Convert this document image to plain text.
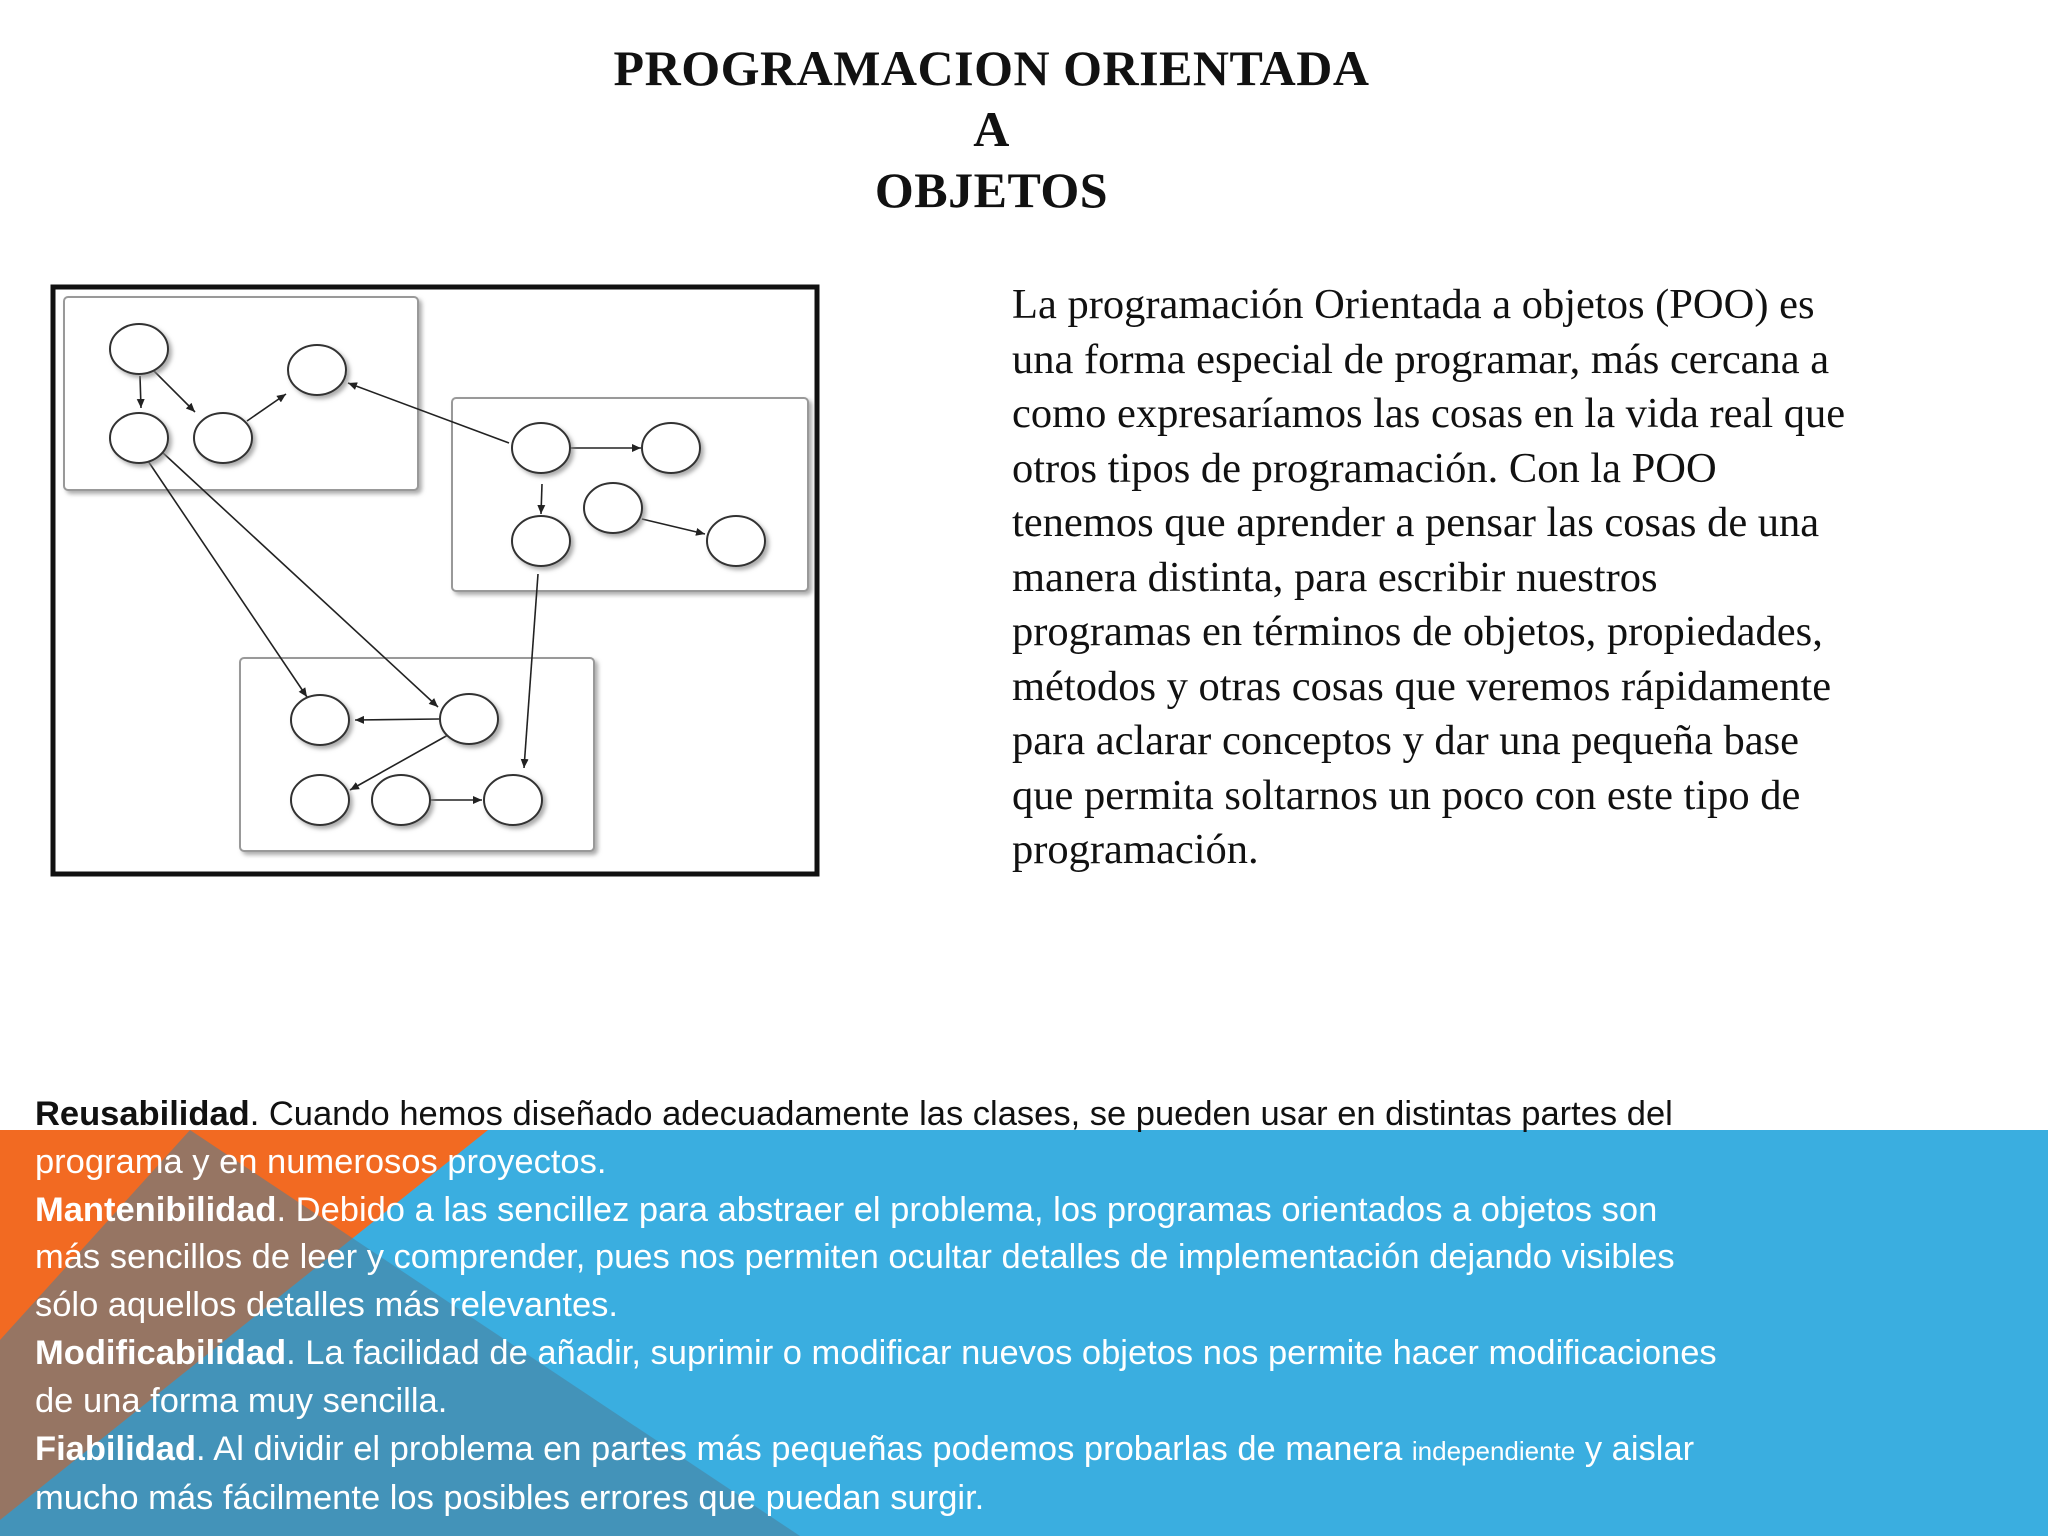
PROGRAMACION ORIENTADA
A
OBJETOS
La programación Orientada a objetos (POO) es
una forma especial de programar, más cercana a
como expresaríamos las cosas en la vida real que
otros tipos de programación. Con la POO
tenemos que aprender a pensar las cosas de una
manera distinta, para escribir nuestros
programas en términos de objetos, propiedades,
métodos y otras cosas que veremos rápidamente
para aclarar conceptos y dar una pequeña base
que permita soltarnos un poco con este tipo de
programación.
Reusabilidad. Cuando hemos diseñado adecuadamente las clases, se pueden usar en distintas partes del
programa y en numerosos proyectos.
Mantenibilidad. Debido a las sencillez para abstraer el problema, los programas orientados a objetos son
más sencillos de leer y comprender, pues nos permiten ocultar detalles de implementación dejando visibles
sólo aquellos detalles más relevantes.
Modificabilidad. La facilidad de añadir, suprimir o modificar nuevos objetos nos permite hacer modificaciones
de una forma muy sencilla.
Fiabilidad. Al dividir el problema en partes más pequeñas podemos probarlas de manera independiente y aislar
mucho más fácilmente los posibles errores que puedan surgir.
